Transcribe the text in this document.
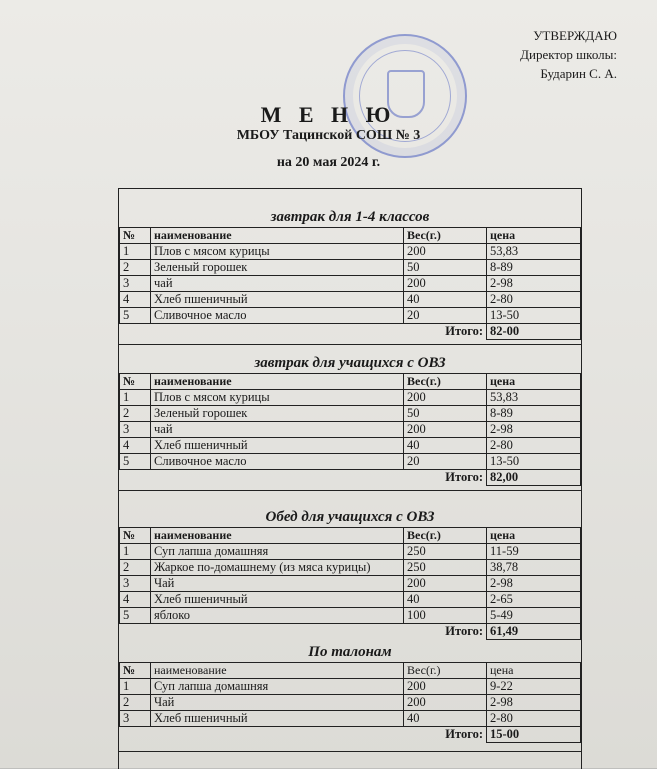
УТВЕРЖДАЮ
Директор школы:
Бударин С. А.
М Е Н Ю
МБОУ Тацинской СОШ № 3
на 20 мая 2024 г.
завтрак для 1-4 классов
№	наименование	Вес(г.)	цена
1	Плов с мясом курицы	200	53,83
2	Зеленый горошек	50	8-89
3	чай	200	2-98
4	Хлеб пшеничный	40	2-80
5	Сливочное масло	20	13-50
Итого:			82-00
завтрак для учащихся с ОВЗ
№	наименование	Вес(г.)	цена
1	Плов с мясом курицы	200	53,83
2	Зеленый горошек	50	8-89
3	чай	200	2-98
4	Хлеб пшеничный	40	2-80
5	Сливочное масло	20	13-50
Итого:			82,00
Обед для учащихся с ОВЗ
№	наименование	Вес(г.)	цена
1	Суп лапша домашняя	250	11-59
2	Жаркое по-домашнему (из мяса курицы)	250	38,78
3	Чай	200	2-98
4	Хлеб пшеничный	40	2-65
5	яблоко	100	5-49
Итого:			61,49
По талонам
№	наименование	Вес(г.)	цена
1	Суп лапша домашняя	200	9-22
2	Чай	200	2-98
3	Хлеб пшеничный	40	2-80
Итого:			15-00
